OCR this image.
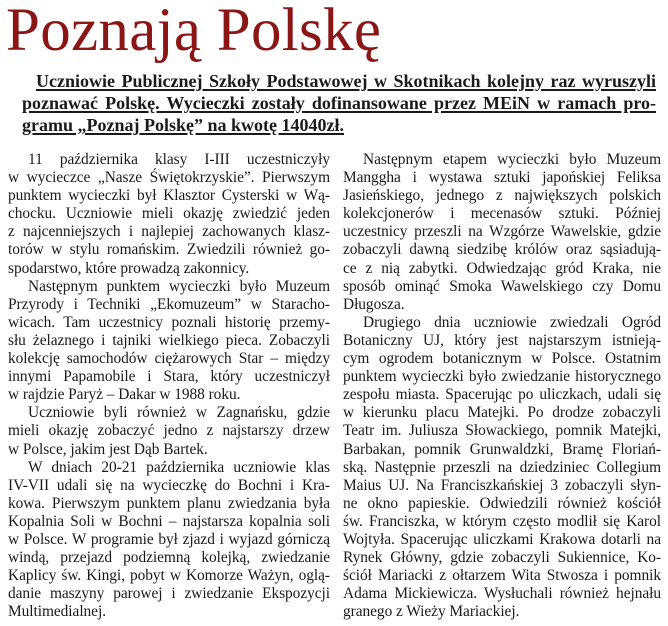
Poznają Polskę
Uczniowie Publicznej Szkoły Podstawowej w Skotnikach kolejny raz wyruszyli
poznawać Polskę. Wycieczki zostały dofinansowane przez MEiN w ramach pro-
gramu „Poznaj Polskę” na kwotę 14040zł.
11 października klasy I-III uczestniczyły
w wycieczce „Nasze Świętokrzyskie”. Pierwszym
punktem wycieczki był Klasztor Cysterski w Wą-
chocku. Uczniowie mieli okazję zwiedzić jeden
z najcenniejszych i najlepiej zachowanych klasz-
torów w stylu romańskim. Zwiedzili również go-
spodarstwo, które prowadzą zakonnicy.
Następnym punktem wycieczki było Muzeum
Przyrody i Techniki „Ekomuzeum” w Staracho-
wicach. Tam uczestnicy poznali historię przemy-
słu żelaznego i tajniki wielkiego pieca. Zobaczyli
kolekcję samochodów ciężarowych Star – między
innymi Papamobile i Stara, który uczestniczył
w rajdzie Paryż – Dakar w 1988 roku.
Uczniowie byli również w Zagnańsku, gdzie
mieli okazję zobaczyć jedno z najstarszy drzew
w Polsce, jakim jest Dąb Bartek.
W dniach 20-21 października uczniowie klas
IV-VII udali się na wycieczkę do Bochni i Kra-
kowa. Pierwszym punktem planu zwiedzania była
Kopalnia Soli w Bochni – najstarsza kopalnia soli
w Polsce. W programie był zjazd i wyjazd górniczą
windą, przejazd podziemną kolejką, zwiedzanie
Kaplicy św. Kingi, pobyt w Komorze Ważyn, oglą-
danie maszyny parowej i zwiedzanie Ekspozycji
Multimedialnej.
Następnym etapem wycieczki było Muzeum
Manggha i wystawa sztuki japońskiej Feliksa
Jasieńskiego, jednego z największych polskich
kolekcjonerów i mecenasów sztuki. Później
uczestnicy przeszli na Wzgórze Wawelskie, gdzie
zobaczyli dawną siedzibę królów oraz sąsiadują-
ce z nią zabytki. Odwiedzając gród Kraka, nie
sposób ominąć Smoka Wawelskiego czy Domu
Długosza.
Drugiego dnia uczniowie zwiedzali Ogród
Botaniczny UJ, który jest najstarszym istnieją-
cym ogrodem botanicznym w Polsce. Ostatnim
punktem wycieczki było zwiedzanie historycznego
zespołu miasta. Spacerując po uliczkach, udali się
w kierunku placu Matejki. Po drodze zobaczyli
Teatr im. Juliusza Słowackiego, pomnik Matejki,
Barbakan, pomnik Grunwaldzki, Bramę Floriań-
ską. Następnie przeszli na dziedziniec Collegium
Maius UJ. Na Franciszkańskiej 3 zobaczyli słyn-
ne okno papieskie. Odwiedzili również kościół
św. Franciszka, w którym często modlił się Karol
Wojtyła. Spacerując uliczkami Krakowa dotarli na
Rynek Główny, gdzie zobaczyli Sukiennice, Ko-
ściół Mariacki z ołtarzem Wita Stwosza i pomnik
Adama Mickiewicza. Wysłuchali również hejnału
granego z Wieży Mariackiej.
